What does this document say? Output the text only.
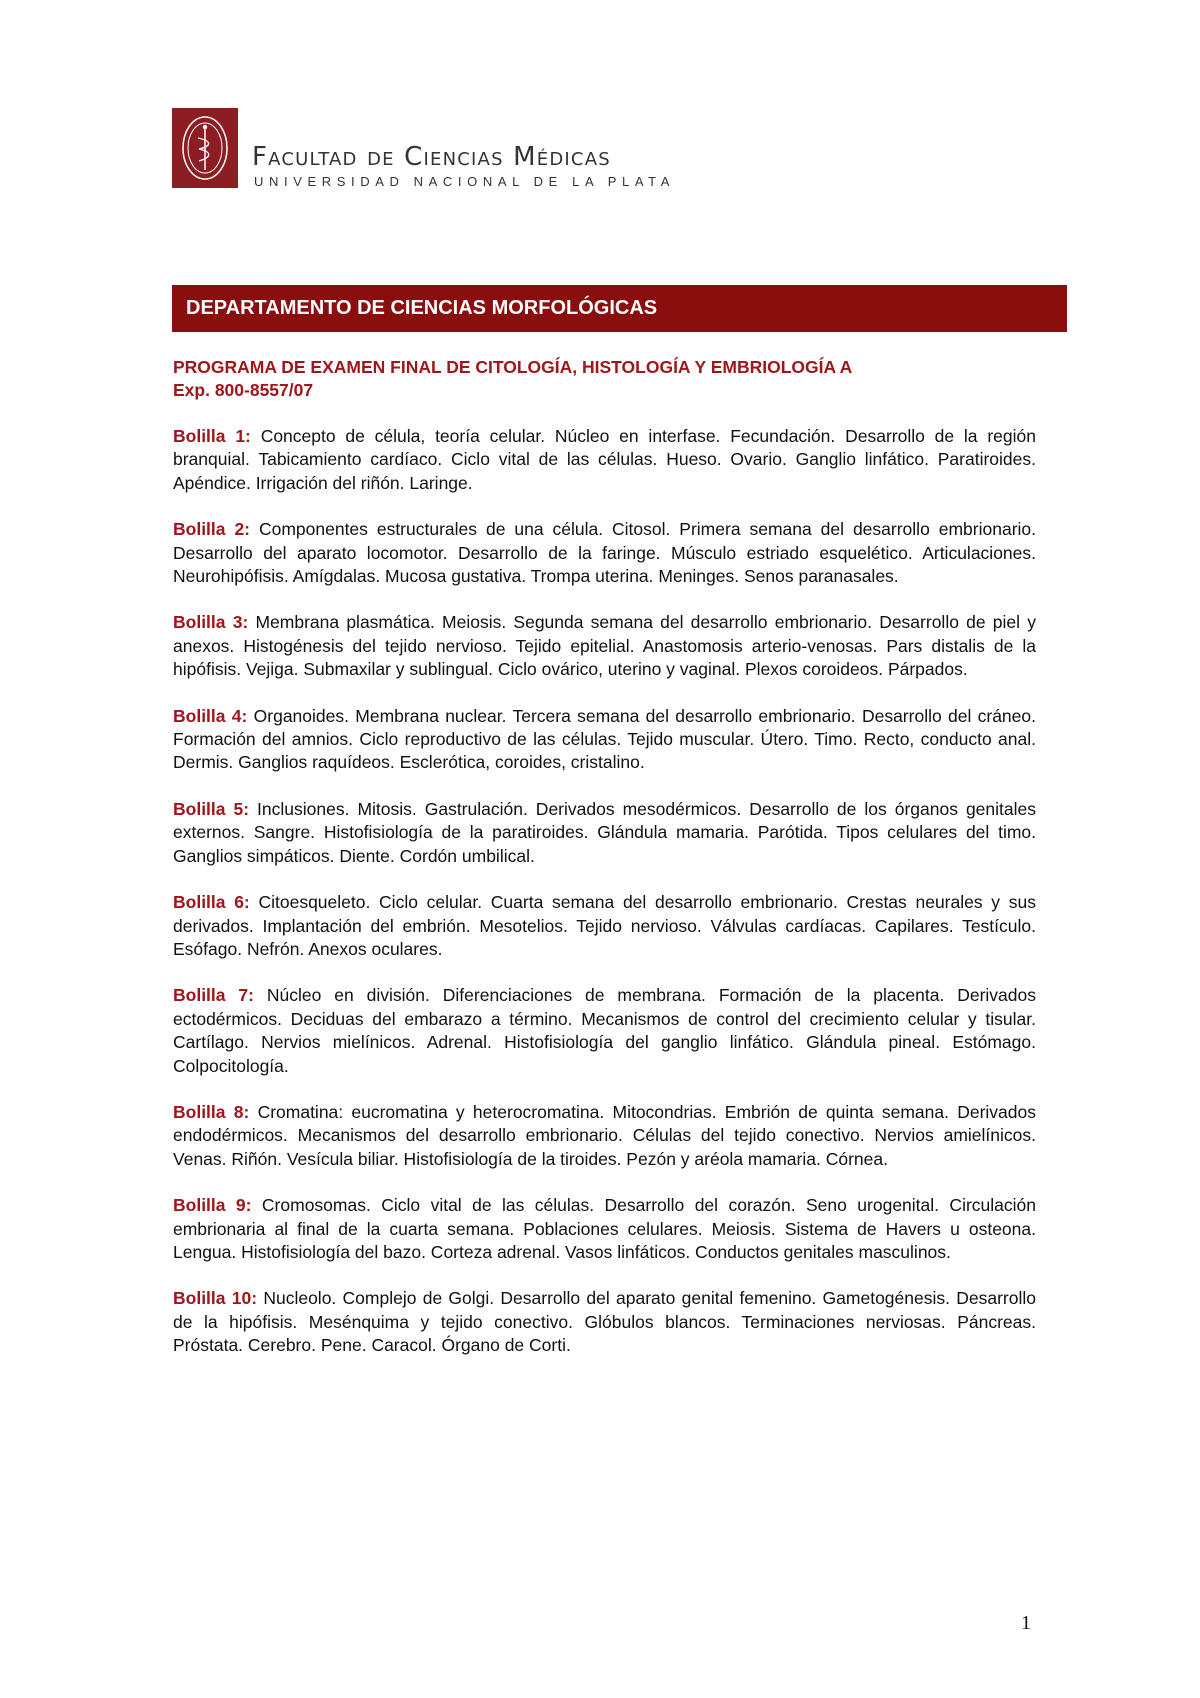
Facultad de Ciencias Médicas
UNIVERSIDAD NACIONAL DE LA PLATA
DEPARTAMENTO DE CIENCIAS MORFOLÓGICAS
PROGRAMA DE EXAMEN FINAL DE CITOLOGÍA, HISTOLOGÍA Y EMBRIOLOGÍA A
Exp. 800-8557/07

Bolilla 1: Concepto de célula, teoría celular. Núcleo en interfase. Fecundación. Desarrollo de la región branquial. Tabicamiento cardíaco. Ciclo vital de las células. Hueso. Ovario. Ganglio linfático. Paratiroides. Apéndice. Irrigación del riñón. Laringe.

Bolilla 2: Componentes estructurales de una célula. Citosol. Primera semana del desarrollo embrionario. Desarrollo del aparato locomotor. Desarrollo de la faringe. Músculo estriado esquelético. Articulaciones. Neurohipófisis. Amígdalas. Mucosa gustativa. Trompa uterina. Meninges. Senos paranasales.

Bolilla 3: Membrana plasmática. Meiosis. Segunda semana del desarrollo embrionario. Desarrollo de piel y anexos. Histogénesis del tejido nervioso. Tejido epitelial. Anastomosis arterio-venosas. Pars distalis de la hipófisis. Vejiga. Submaxilar y sublingual. Ciclo ovárico, uterino y vaginal. Plexos coroideos. Párpados.

Bolilla 4: Organoides. Membrana nuclear. Tercera semana del desarrollo embrionario. Desarrollo del cráneo. Formación del amnios. Ciclo reproductivo de las células. Tejido muscular. Útero. Timo. Recto, conducto anal. Dermis. Ganglios raquídeos. Esclerótica, coroides, cristalino.

Bolilla 5: Inclusiones. Mitosis. Gastrulación. Derivados mesodérmicos. Desarrollo de los órganos genitales externos. Sangre. Histofisiología de la paratiroides. Glándula mamaria. Parótida. Tipos celulares del timo. Ganglios simpáticos. Diente. Cordón umbilical.

Bolilla 6: Citoesqueleto. Ciclo celular. Cuarta semana del desarrollo embrionario. Crestas neurales y sus derivados. Implantación del embrión. Mesotelios. Tejido nervioso. Válvulas cardíacas. Capilares. Testículo. Esófago. Nefrón. Anexos oculares.

Bolilla 7: Núcleo en división. Diferenciaciones de membrana. Formación de la placenta. Derivados ectodérmicos. Deciduas del embarazo a término. Mecanismos de control del crecimiento celular y tisular. Cartílago. Nervios mielínicos. Adrenal. Histofisiología del ganglio linfático. Glándula pineal. Estómago. Colpocitología.

Bolilla 8: Cromatina: eucromatina y heterocromatina. Mitocondrias. Embrión de quinta semana. Derivados endodérmicos. Mecanismos del desarrollo embrionario. Células del tejido conectivo. Nervios amielínicos. Venas. Riñón. Vesícula biliar. Histofisiología de la tiroides. Pezón y aréola mamaria. Córnea.

Bolilla 9: Cromosomas. Ciclo vital de las células. Desarrollo del corazón. Seno urogenital. Circulación embrionaria al final de la cuarta semana. Poblaciones celulares. Meiosis. Sistema de Havers u osteona. Lengua. Histofisiología del bazo. Corteza adrenal. Vasos linfáticos. Conductos genitales masculinos.

Bolilla 10: Nucleolo. Complejo de Golgi. Desarrollo del aparato genital femenino. Gametogénesis. Desarrollo de la hipófisis. Mesénquima y tejido conectivo. Glóbulos blancos. Terminaciones nerviosas. Páncreas. Próstata. Cerebro. Pene. Caracol. Órgano de Corti.

1
